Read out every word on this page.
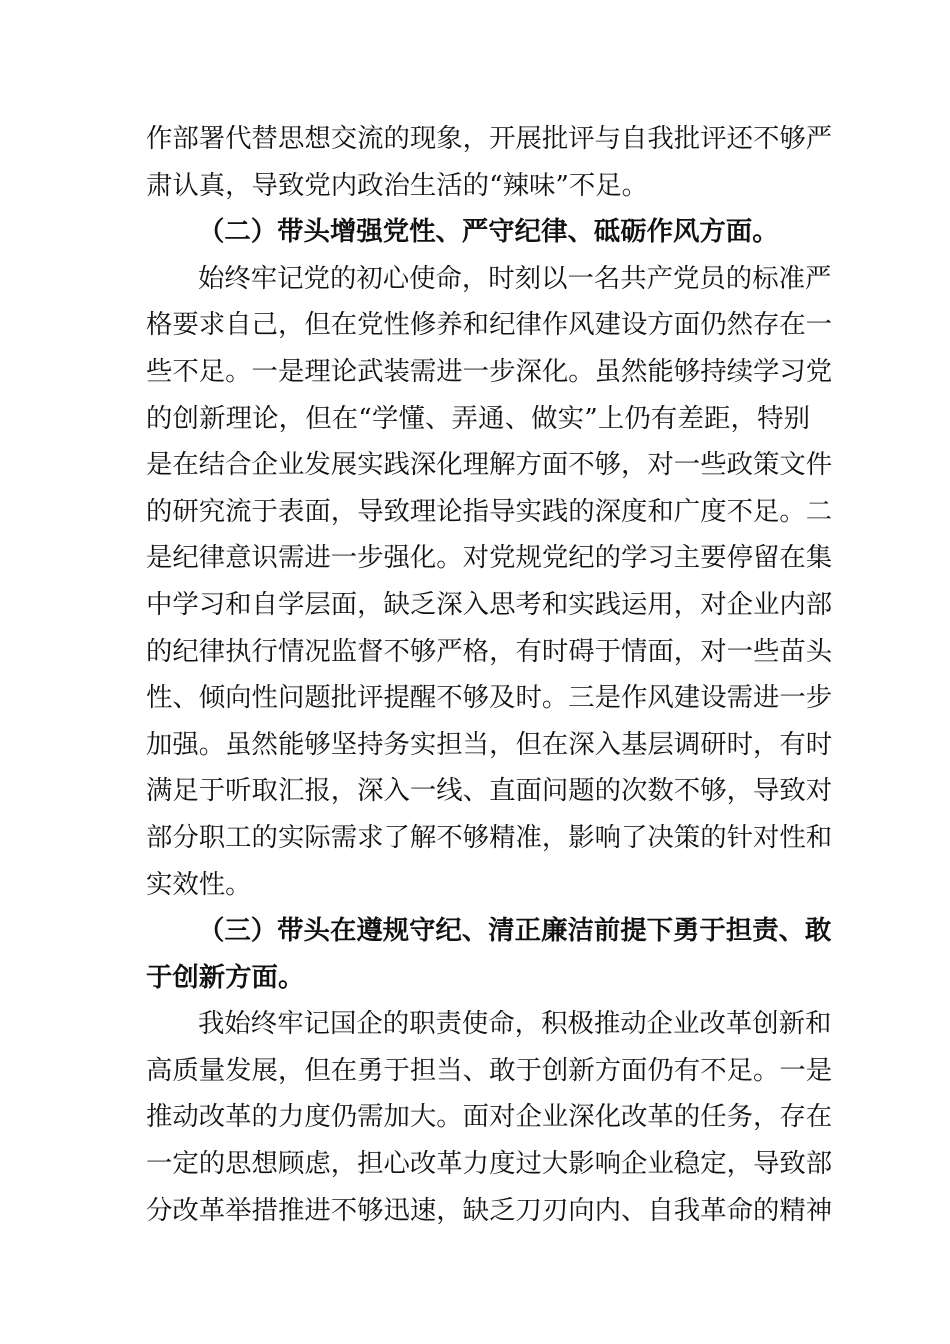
作部署代替思想交流的现象，开展批评与自我批评还不够严
肃认真，导致党内政治生活的“辣味”不足。
（二）带头增强党性、严守纪律、砥砺作风方面。
始终牢记党的初心使命，时刻以一名共产党员的标准严
格要求自己，但在党性修养和纪律作风建设方面仍然存在一
些不足。一是理论武装需进一步深化。虽然能够持续学习党
的创新理论，但在“学懂、弄通、做实”上仍有差距，特别
是在结合企业发展实践深化理解方面不够，对一些政策文件
的研究流于表面，导致理论指导实践的深度和广度不足。二
是纪律意识需进一步强化。对党规党纪的学习主要停留在集
中学习和自学层面，缺乏深入思考和实践运用，对企业内部
的纪律执行情况监督不够严格，有时碍于情面，对一些苗头
性、倾向性问题批评提醒不够及时。三是作风建设需进一步
加强。虽然能够坚持务实担当，但在深入基层调研时，有时
满足于听取汇报，深入一线、直面问题的次数不够，导致对
部分职工的实际需求了解不够精准，影响了决策的针对性和
实效性。
（三）带头在遵规守纪、清正廉洁前提下勇于担责、敢
于创新方面。
我始终牢记国企的职责使命，积极推动企业改革创新和
高质量发展，但在勇于担当、敢于创新方面仍有不足。一是
推动改革的力度仍需加大。面对企业深化改革的任务，存在
一定的思想顾虑，担心改革力度过大影响企业稳定，导致部
分改革举措推进不够迅速，缺乏刀刃向内、自我革命的精神
